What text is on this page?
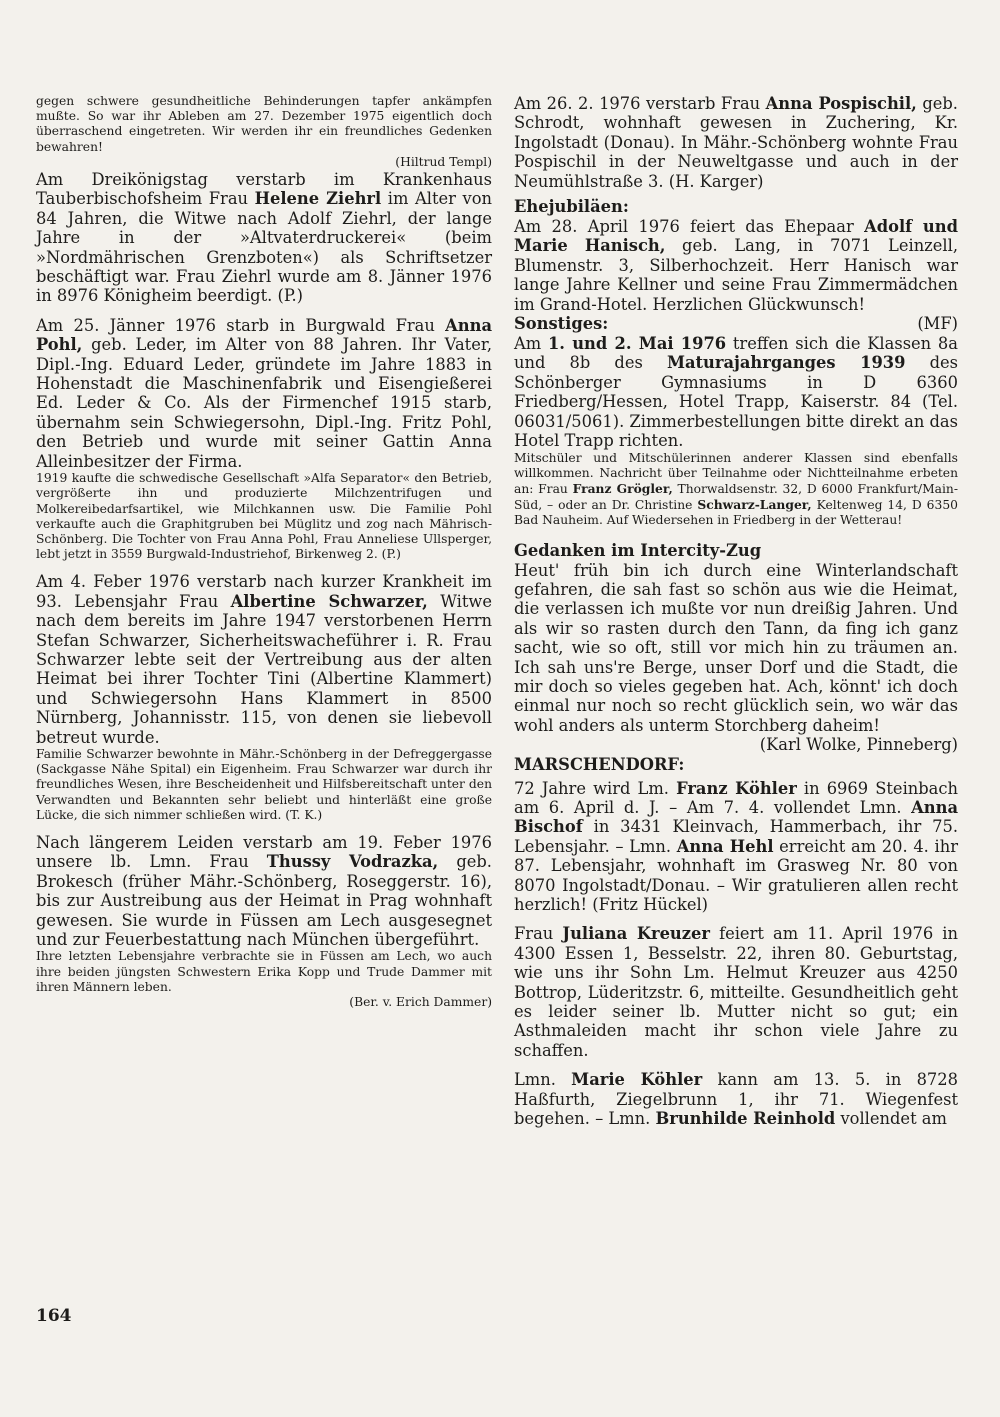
gegen schwere gesundheitliche Behinderungen tapfer ankämpfen mußte. So war ihr Ableben am 27. Dezember 1975 eigentlich doch überraschend eingetreten. Wir werden ihr ein freundliches Gedenken bewahren!

(Hiltrud Templ)

Am Dreikönigstag verstarb im Krankenhaus Tauberbischofsheim Frau Helene Ziehrl im Alter von 84 Jahren, die Witwe nach Adolf Ziehrl, der lange Jahre in der »Altvaterdruckerei« (beim »Nordmährischen Grenzboten«) als Schriftsetzer beschäftigt war. Frau Ziehrl wurde am 8. Jänner 1976 in 8976 Königheim beerdigt. (P.)

Am 25. Jänner 1976 starb in Burgwald Frau Anna Pohl, geb. Leder, im Alter von 88 Jahren. Ihr Vater, Dipl.-Ing. Eduard Leder, gründete im Jahre 1883 in Hohenstadt die Maschinenfabrik und Eisengießerei Ed. Leder & Co. Als der Firmenchef 1915 starb, übernahm sein Schwiegersohn, Dipl.-Ing. Fritz Pohl, den Betrieb und wurde mit seiner Gattin Anna Alleinbesitzer der Firma.

1919 kaufte die schwedische Gesellschaft »Alfa Separator« den Betrieb, vergrößerte ihn und produzierte Milchzentrifugen und Molkereibedarfsartikel, wie Milchkannen usw. Die Familie Pohl verkaufte auch die Graphitgruben bei Müglitz und zog nach Mährisch-Schönberg. Die Tochter von Frau Anna Pohl, Frau Anneliese Ullsperger, lebt jetzt in 3559 Burgwald-Industriehof, Birkenweg 2. (P.)

Am 4. Feber 1976 verstarb nach kurzer Krankheit im 93. Lebensjahr Frau Albertine Schwarzer, Witwe nach dem bereits im Jahre 1947 verstorbenen Herrn Stefan Schwarzer, Sicherheitswacheführer i. R. Frau Schwarzer lebte seit der Vertreibung aus der alten Heimat bei ihrer Tochter Tini (Albertine Klammert) und Schwiegersohn Hans Klammert in 8500 Nürnberg, Johannisstr. 115, von denen sie liebevoll betreut wurde.

Familie Schwarzer bewohnte in Mähr.-Schönberg in der Defreggergasse (Sackgasse Nähe Spital) ein Eigenheim. Frau Schwarzer war durch ihr freundliches Wesen, ihre Bescheidenheit und Hilfsbereitschaft unter den Verwandten und Bekannten sehr beliebt und hinterläßt eine große Lücke, die sich nimmer schließen wird. (T. K.)

Nach längerem Leiden verstarb am 19. Feber 1976 unsere lb. Lmn. Frau Thussy Vodrazka, geb. Brokesch (früher Mähr.-Schönberg, Roseggerstr. 16), bis zur Austreibung aus der Heimat in Prag wohnhaft gewesen. Sie wurde in Füssen am Lech ausgesegnet und zur Feuerbestattung nach München übergeführt.

Ihre letzten Lebensjahre verbrachte sie in Füssen am Lech, wo auch ihre beiden jüngsten Schwestern Erika Kopp und Trude Dammer mit ihren Männern leben.

(Ber. v. Erich Dammer)

Am 26. 2. 1976 verstarb Frau Anna Pospischil, geb. Schrodt, wohnhaft gewesen in Zuchering, Kr. Ingolstadt (Donau). In Mähr.-Schönberg wohnte Frau Pospischil in der Neuweltgasse und auch in der Neumühlstraße 3. (H. Karger)

Ehejubiläen:

Am 28. April 1976 feiert das Ehepaar Adolf und Marie Hanisch, geb. Lang, in 7071 Leinzell, Blumenstr. 3, Silberhochzeit. Herr Hanisch war lange Jahre Kellner und seine Frau Zimmermädchen im Grand-Hotel. Herzlichen Glückwunsch!

Sonstiges:	(MF)

Am 1. und 2. Mai 1976 treffen sich die Klassen 8a und 8b des Maturajahrganges 1939 des Schönberger Gymnasiums in D 6360 Friedberg/Hessen, Hotel Trapp, Kaiserstr. 84 (Tel. 06031/5061). Zimmerbestellungen bitte direkt an das Hotel Trapp richten.

Mitschüler und Mitschülerinnen anderer Klassen sind ebenfalls willkommen. Nachricht über Teilnahme oder Nichtteilnahme erbeten an: Frau Franz Grögler, Thorwaldsenstr. 32, D 6000 Frankfurt/Main-Süd, – oder an Dr. Christine Schwarz-Langer, Keltenweg 14, D 6350 Bad Nauheim. Auf Wiedersehen in Friedberg in der Wetterau!

Gedanken im Intercity-Zug

Heut' früh bin ich durch eine Winterlandschaft gefahren, die sah fast so schön aus wie die Heimat, die verlassen ich mußte vor nun dreißig Jahren. Und als wir so rasten durch den Tann, da fing ich ganz sacht, wie so oft, still vor mich hin zu träumen an. Ich sah uns're Berge, unser Dorf und die Stadt, die mir doch so vieles gegeben hat. Ach, könnt' ich doch einmal nur noch so recht glücklich sein, wo wär das wohl anders als unterm Storchberg daheim!

(Karl Wolke, Pinneberg)

MARSCHENDORF:

72 Jahre wird Lm. Franz Köhler in 6969 Steinbach am 6. April d. J. – Am 7. 4. vollendet Lmn. Anna Bischof in 3431 Kleinvach, Hammerbach, ihr 75. Lebensjahr. – Lmn. Anna Hehl erreicht am 20. 4. ihr 87. Lebensjahr, wohnhaft im Grasweg Nr. 80 von 8070 Ingolstadt/Donau. – Wir gratulieren allen recht herzlich! (Fritz Hückel)

Frau Juliana Kreuzer feiert am 11. April 1976 in 4300 Essen 1, Besselstr. 22, ihren 80. Geburtstag, wie uns ihr Sohn Lm. Helmut Kreuzer aus 4250 Bottrop, Lüderitzstr. 6, mitteilte. Gesundheitlich geht es leider seiner lb. Mutter nicht so gut; ein Asthmaleiden macht ihr schon viele Jahre zu schaffen.

Lmn. Marie Köhler kann am 13. 5. in 8728 Haßfurth, Ziegelbrunn 1, ihr 71. Wiegenfest begehen. – Lmn. Brunhilde Reinhold vollendet am

164
